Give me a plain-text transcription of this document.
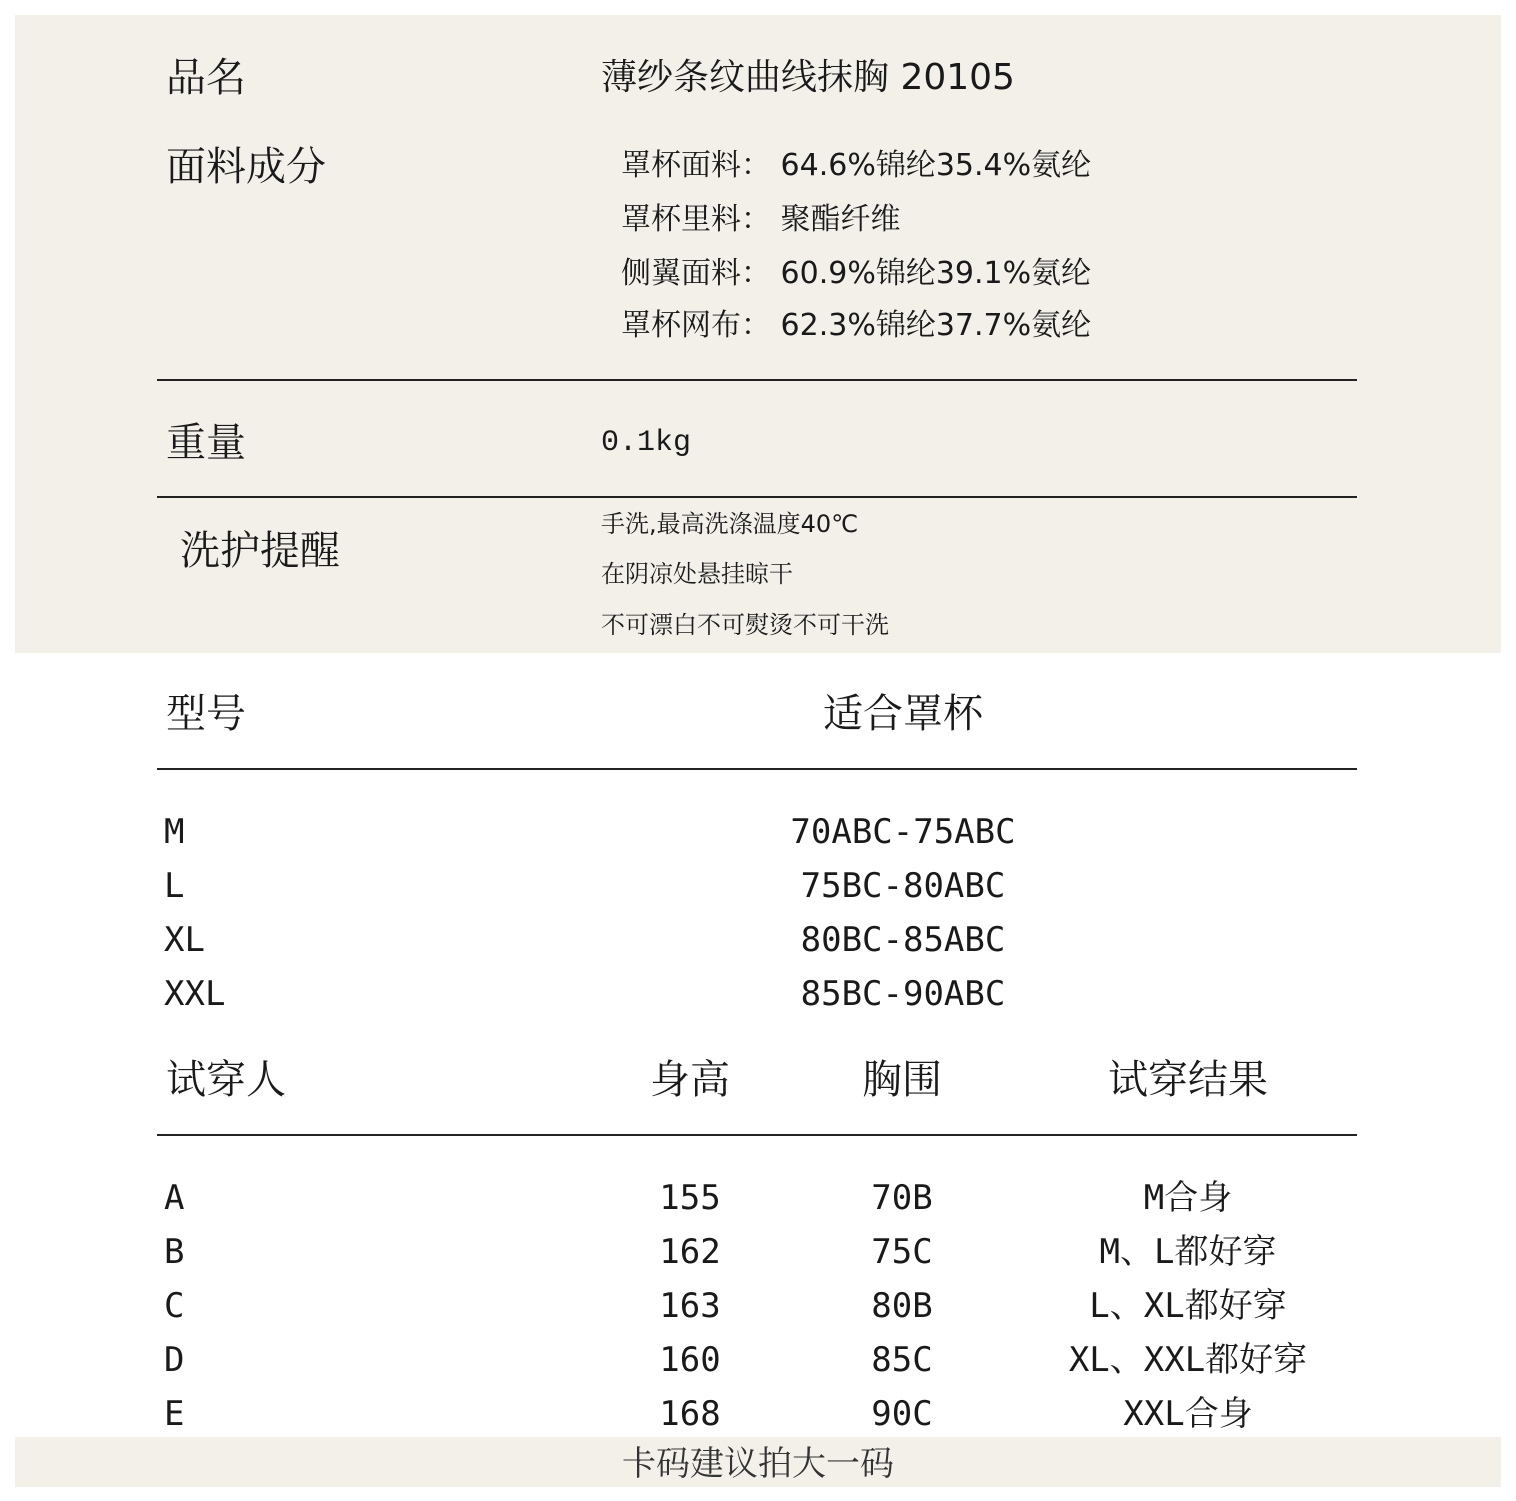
品名	薄纱条纹曲线抹胸 20105
面料成分	罩杯面料： 64.6%锦纶35.4%氨纶
罩杯里料： 聚酯纤维
侧翼面料： 60.9%锦纶39.1%氨纶
罩杯网布： 62.3%锦纶37.7%氨纶
重量	0.1kg
洗护提醒
手洗,最高洗涤温度40℃
在阴凉处悬挂晾干
不可漂白不可熨烫不可干洗
型号	适合罩杯
M	70ABC-75ABC
L	75BC-80ABC
XL	80BC-85ABC
XXL	85BC-90ABC
试穿人	身高	胸围	试穿结果
A	155	70B	M合身
B	162	75C	M、L都好穿
C	163	80B	L、XL都好穿
D	160	85C	XL、XXL都好穿
E	168	90C	XXL合身
卡码建议拍大一码
